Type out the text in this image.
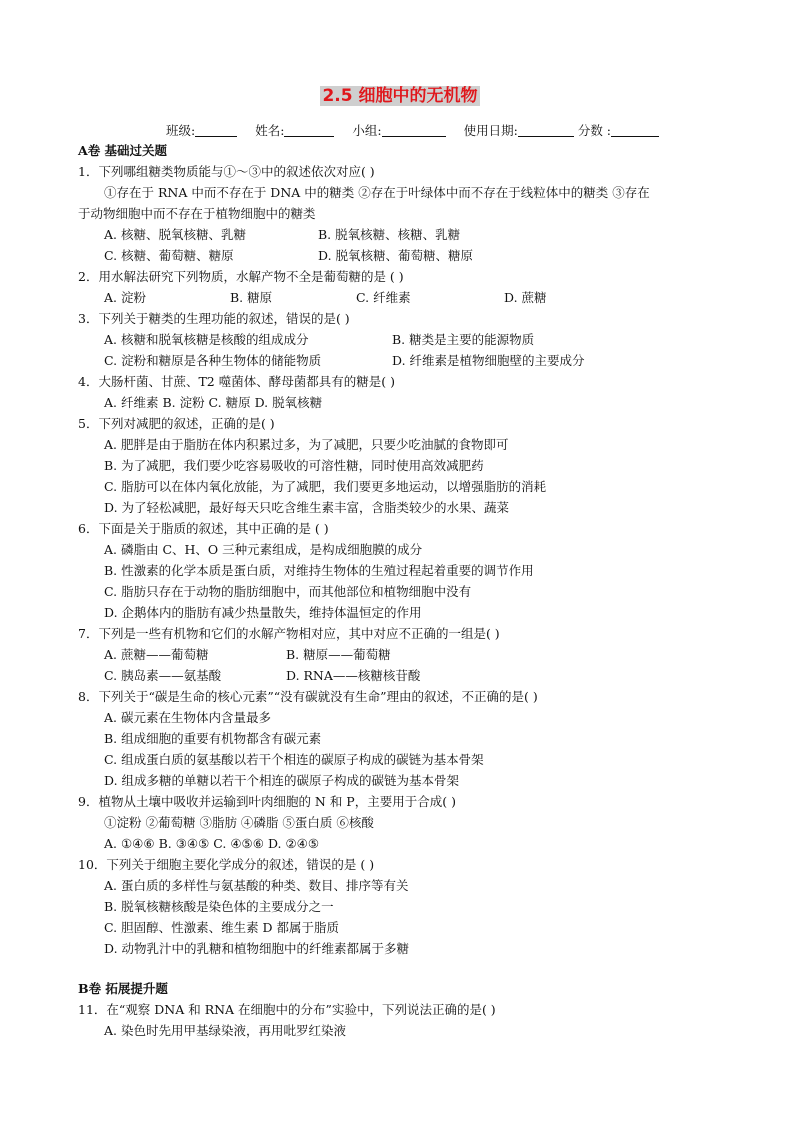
2.5 细胞中的无机物
班级:	姓名:	小组:	使用日期:	分数 :
A卷 基础过关题
1．下列哪组糖类物质能与①～③中的叙述依次对应( )
①存在于 RNA 中而不存在于 DNA 中的糖类 ②存在于叶绿体中而不存在于线粒体中的糖类 ③存在
于动物细胞中而不存在于植物细胞中的糖类
A. 核糖、脱氧核糖、乳糖	B. 脱氧核糖、核糖、乳糖
C. 核糖、葡萄糖、糖原	D. 脱氧核糖、葡萄糖、糖原
2．用水解法研究下列物质，水解产物不全是葡萄糖的是 ( )
A. 淀粉	B. 糖原	C. 纤维素	D. 蔗糖
3．下列关于糖类的生理功能的叙述，错误的是( )
A. 核糖和脱氧核糖是核酸的组成成分	B. 糖类是主要的能源物质
C. 淀粉和糖原是各种生物体的储能物质	D. 纤维素是植物细胞壁的主要成分
4．大肠杆菌、甘蔗、T2 噬菌体、酵母菌都具有的糖是( )
A. 纤维素 B. 淀粉 C. 糖原 D. 脱氧核糖
5．下列对减肥的叙述，正确的是( )
A. 肥胖是由于脂肪在体内积累过多，为了减肥，只要少吃油腻的食物即可
B. 为了减肥，我们要少吃容易吸收的可溶性糖，同时使用高效减肥药
C. 脂肪可以在体内氧化放能，为了减肥，我们要更多地运动，以增强脂肪的消耗
D. 为了轻松减肥，最好每天只吃含维生素丰富，含脂类较少的水果、蔬菜
6．下面是关于脂质的叙述，其中正确的是 ( )
A. 磷脂由 C、H、O 三种元素组成，是构成细胞膜的成分
B. 性激素的化学本质是蛋白质，对维持生物体的生殖过程起着重要的调节作用
C. 脂肪只存在于动物的脂肪细胞中，而其他部位和植物细胞中没有
D. 企鹅体内的脂肪有减少热量散失，维持体温恒定的作用
7．下列是一些有机物和它们的水解产物相对应，其中对应不正确的一组是( )
A. 蔗糖——葡萄糖	B. 糖原——葡萄糖
C. 胰岛素——氨基酸	D. RNA——核糖核苷酸
8．下列关于“碳是生命的核心元素”“没有碳就没有生命”理由的叙述，不正确的是( )
A. 碳元素在生物体内含量最多
B. 组成细胞的重要有机物都含有碳元素
C. 组成蛋白质的氨基酸以若干个相连的碳原子构成的碳链为基本骨架
D. 组成多糖的单糖以若干个相连的碳原子构成的碳链为基本骨架
9．植物从土壤中吸收并运输到叶肉细胞的 N 和 P，主要用于合成( )
①淀粉 ②葡萄糖 ③脂肪 ④磷脂 ⑤蛋白质 ⑥核酸
A. ①④⑥ B. ③④⑤ C. ④⑤⑥ D. ②④⑤
10．下列关于细胞主要化学成分的叙述，错误的是 ( )
A. 蛋白质的多样性与氨基酸的种类、数目、排序等有关
B. 脱氧核糖核酸是染色体的主要成分之一
C. 胆固醇、性激素、维生素 D 都属于脂质
D. 动物乳汁中的乳糖和植物细胞中的纤维素都属于多糖
B卷 拓展提升题
11．在“观察 DNA 和 RNA 在细胞中的分布”实验中，下列说法正确的是( )
A. 染色时先用甲基绿染液，再用吡罗红染液
